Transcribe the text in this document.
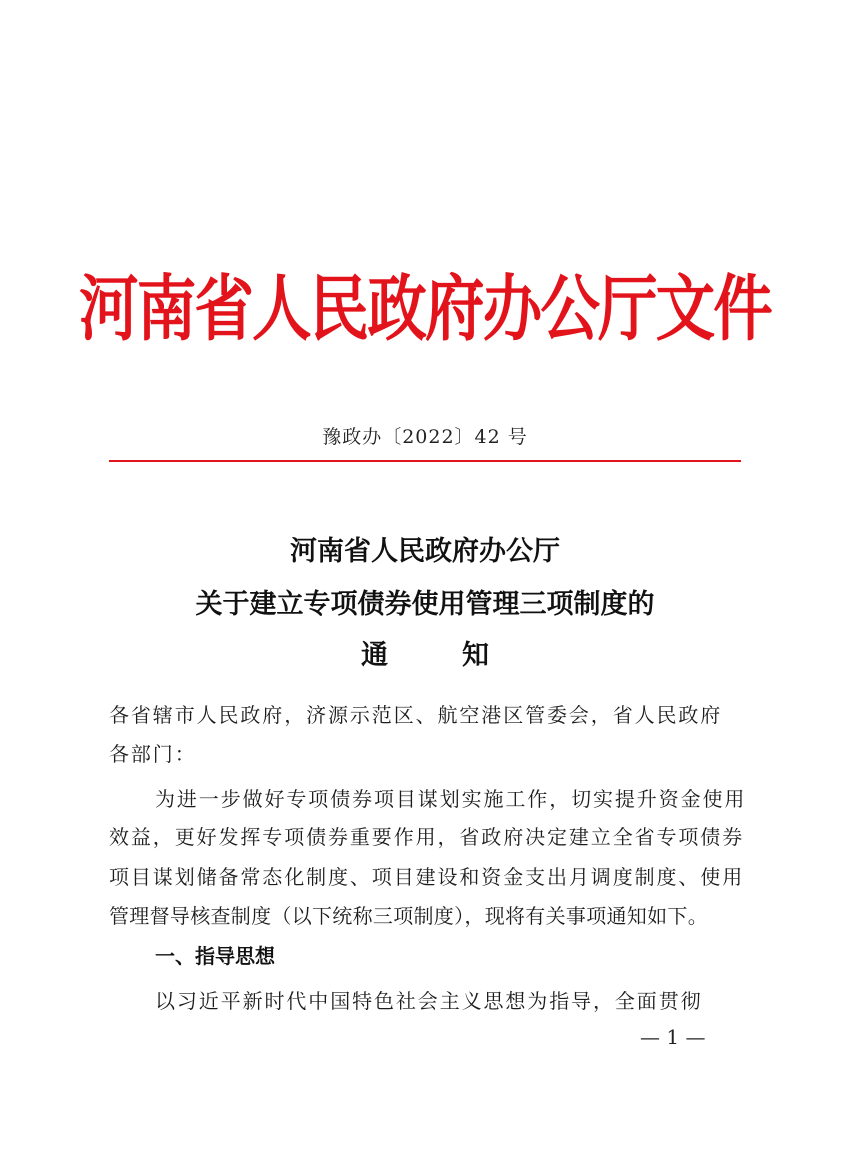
河南省人民政府办公厅文件
豫政办〔2022〕42 号
河南省人民政府办公厅
关于建立专项债券使用管理三项制度的
通	知
各省辖市人民政府，济源示范区、航空港区管委会，省人民政府
各部门：
为进一步做好专项债券项目谋划实施工作，切实提升资金使用
效益，更好发挥专项债券重要作用，省政府决定建立全省专项债券
项目谋划储备常态化制度、项目建设和资金支出月调度制度、使用
管理督导核查制度（以下统称三项制度），现将有关事项通知如下。
一、指导思想
以习近平新时代中国特色社会主义思想为指导，全面贯彻
— 1 —
